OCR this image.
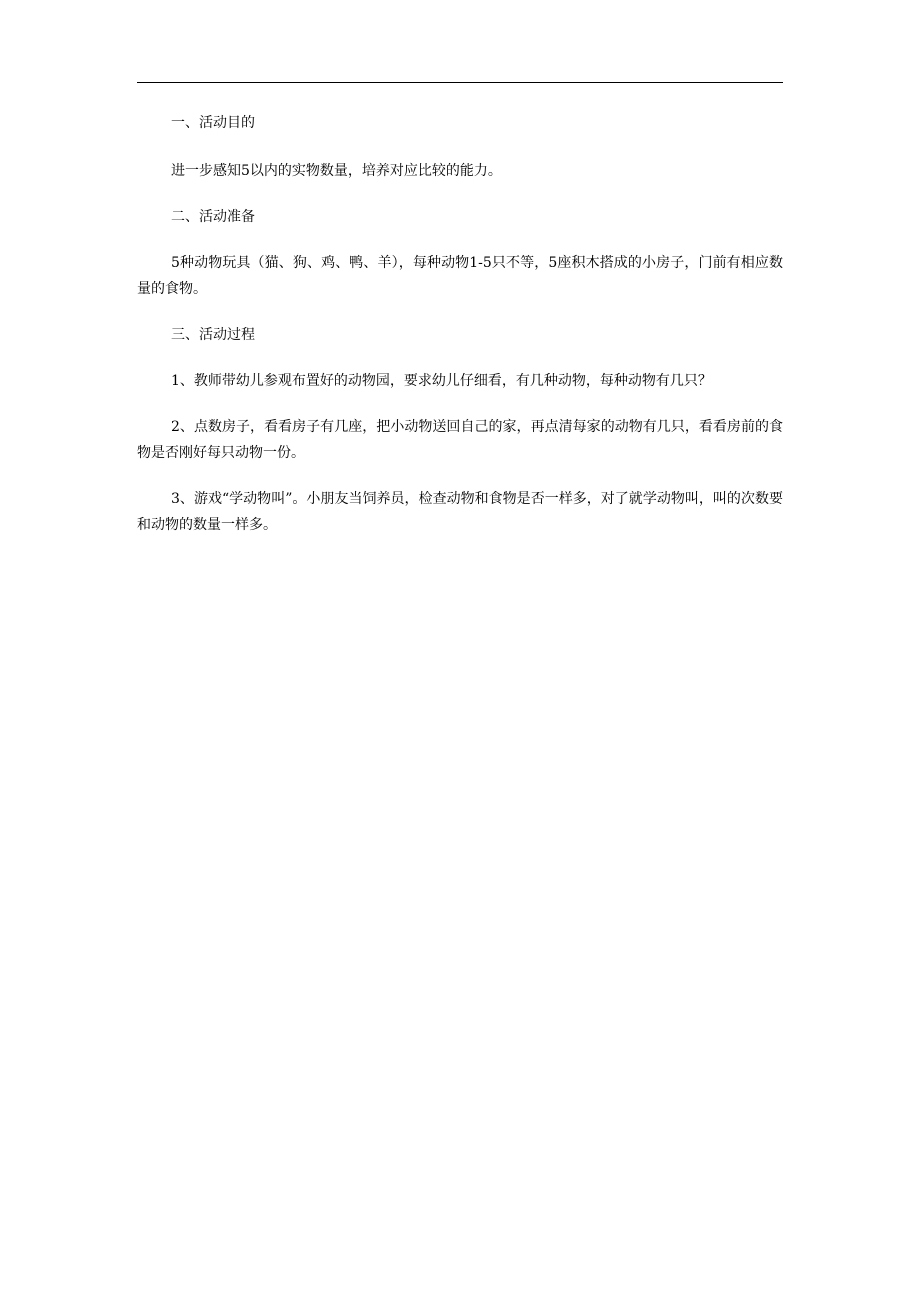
一、活动目的

进一步感知5以内的实物数量，培养对应比较的能力。

二、活动准备

5种动物玩具（猫、狗、鸡、鸭、羊），每种动物1-5只不等，5座积木搭成的小房子，门前有相应数量的食物。

三、活动过程

1、教师带幼儿参观布置好的动物园，要求幼儿仔细看，有几种动物，每种动物有几只？

2、点数房子，看看房子有几座，把小动物送回自己的家，再点清每家的动物有几只，看看房前的食物是否刚好每只动物一份。

3、游戏“学动物叫”。小朋友当饲养员，检查动物和食物是否一样多，对了就学动物叫，叫的次数要和动物的数量一样多。
